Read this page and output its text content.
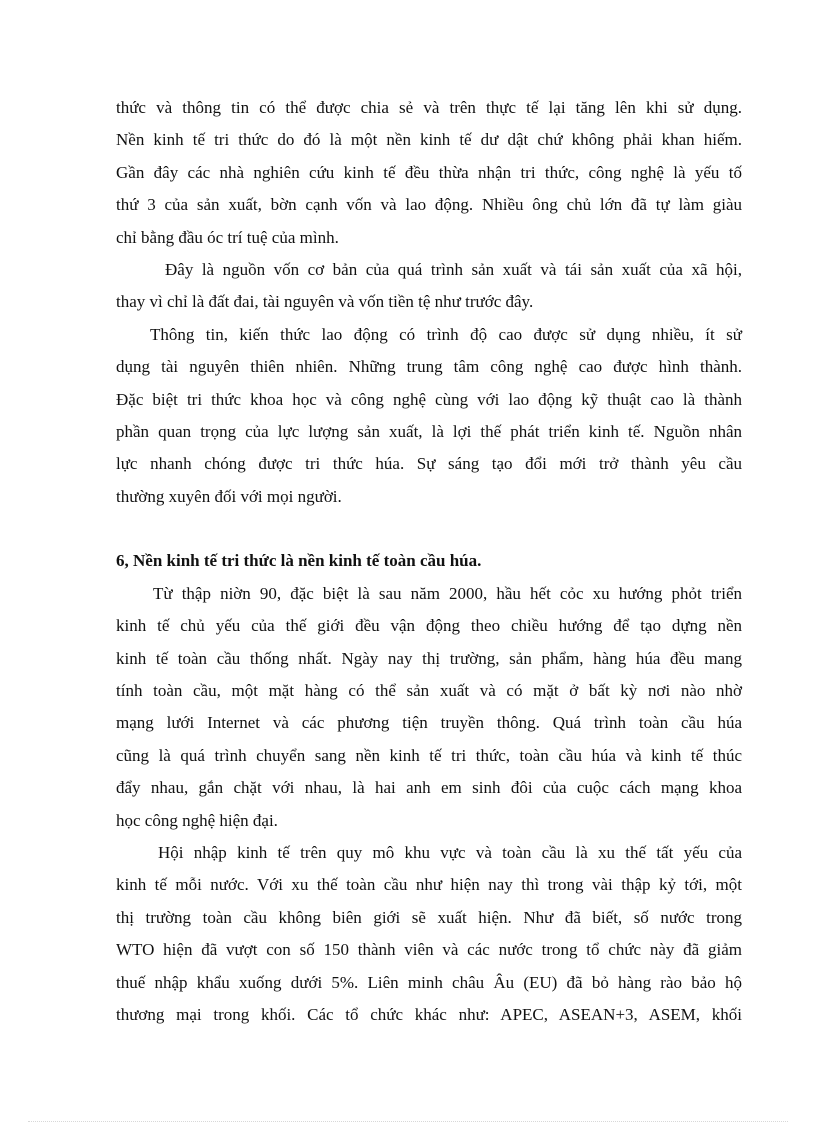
thức và thông tin có thể được chia sẻ và trên thực tế lại tăng lên khi sử dụng.
Nền kinh tế tri thức do đó là một nền kinh tế dư dật chứ không phải khan hiếm.
Gần đây các nhà nghiên cứu kinh tế đều thừa nhận tri thức, công nghệ là yếu tố
thứ 3 của sản xuất, bờn cạnh vốn và lao động. Nhiều ông chủ lớn đã tự làm giàu
chỉ bằng đầu óc trí tuệ của mình.

Đây là nguồn vốn cơ bản của quá trình sản xuất và tái sản xuất của xã hội,
thay vì chỉ là đất đai, tài nguyên và vốn tiền tệ như trước đây.

Thông tin, kiến thức lao động có trình độ cao được sử dụng nhiều, ít sử
dụng tài nguyên thiên nhiên. Những trung tâm công nghệ cao được hình thành.
Đặc biệt tri thức khoa học và công nghệ cùng với lao động kỹ thuật cao là thành
phần quan trọng của lực lượng sản xuất, là lợi thế phát triển kinh tế. Nguồn nhân
lực nhanh chóng được tri thức húa. Sự sáng tạo đổi mới trở thành yêu cầu
thường xuyên đối với mọi người.

6, Nền kinh tế tri thức là nền kinh tế toàn cầu húa.

Từ thập niờn 90, đặc biệt là sau năm 2000, hầu hết cỏc xu hướng phỏt triển
kinh tế chủ yếu của thế giới đều vận động theo chiều hướng để tạo dựng nền
kinh tế toàn cầu thống nhất. Ngày nay thị trường, sản phẩm, hàng húa đều mang
tính toàn cầu, một mặt hàng có thể sản xuất và có mặt ở bất kỳ nơi nào nhờ
mạng lưới Internet và các phương tiện truyền thông. Quá trình toàn cầu húa
cũng là quá trình chuyển sang nền kinh tế tri thức, toàn cầu húa và kinh tế thúc
đẩy nhau, gắn chặt với nhau, là hai anh em sinh đôi của cuộc cách mạng khoa
học công nghệ hiện đại.

Hội nhập kinh tế trên quy mô khu vực và toàn cầu là xu thế tất yếu của
kinh tế mỗi nước. Với xu thế toàn cầu như hiện nay thì trong vài thập kỷ tới, một
thị trường toàn cầu không biên giới sẽ xuất hiện. Như đã biết, số nước trong
WTO hiện đã vượt con số 150 thành viên và các nước trong tổ chức này đã giảm
thuế nhập khẩu xuống dưới 5%. Liên minh châu Âu (EU) đã bỏ hàng rào bảo hộ
thương mại trong khối. Các tổ chức khác như: APEC, ASEAN+3, ASEM, khối
